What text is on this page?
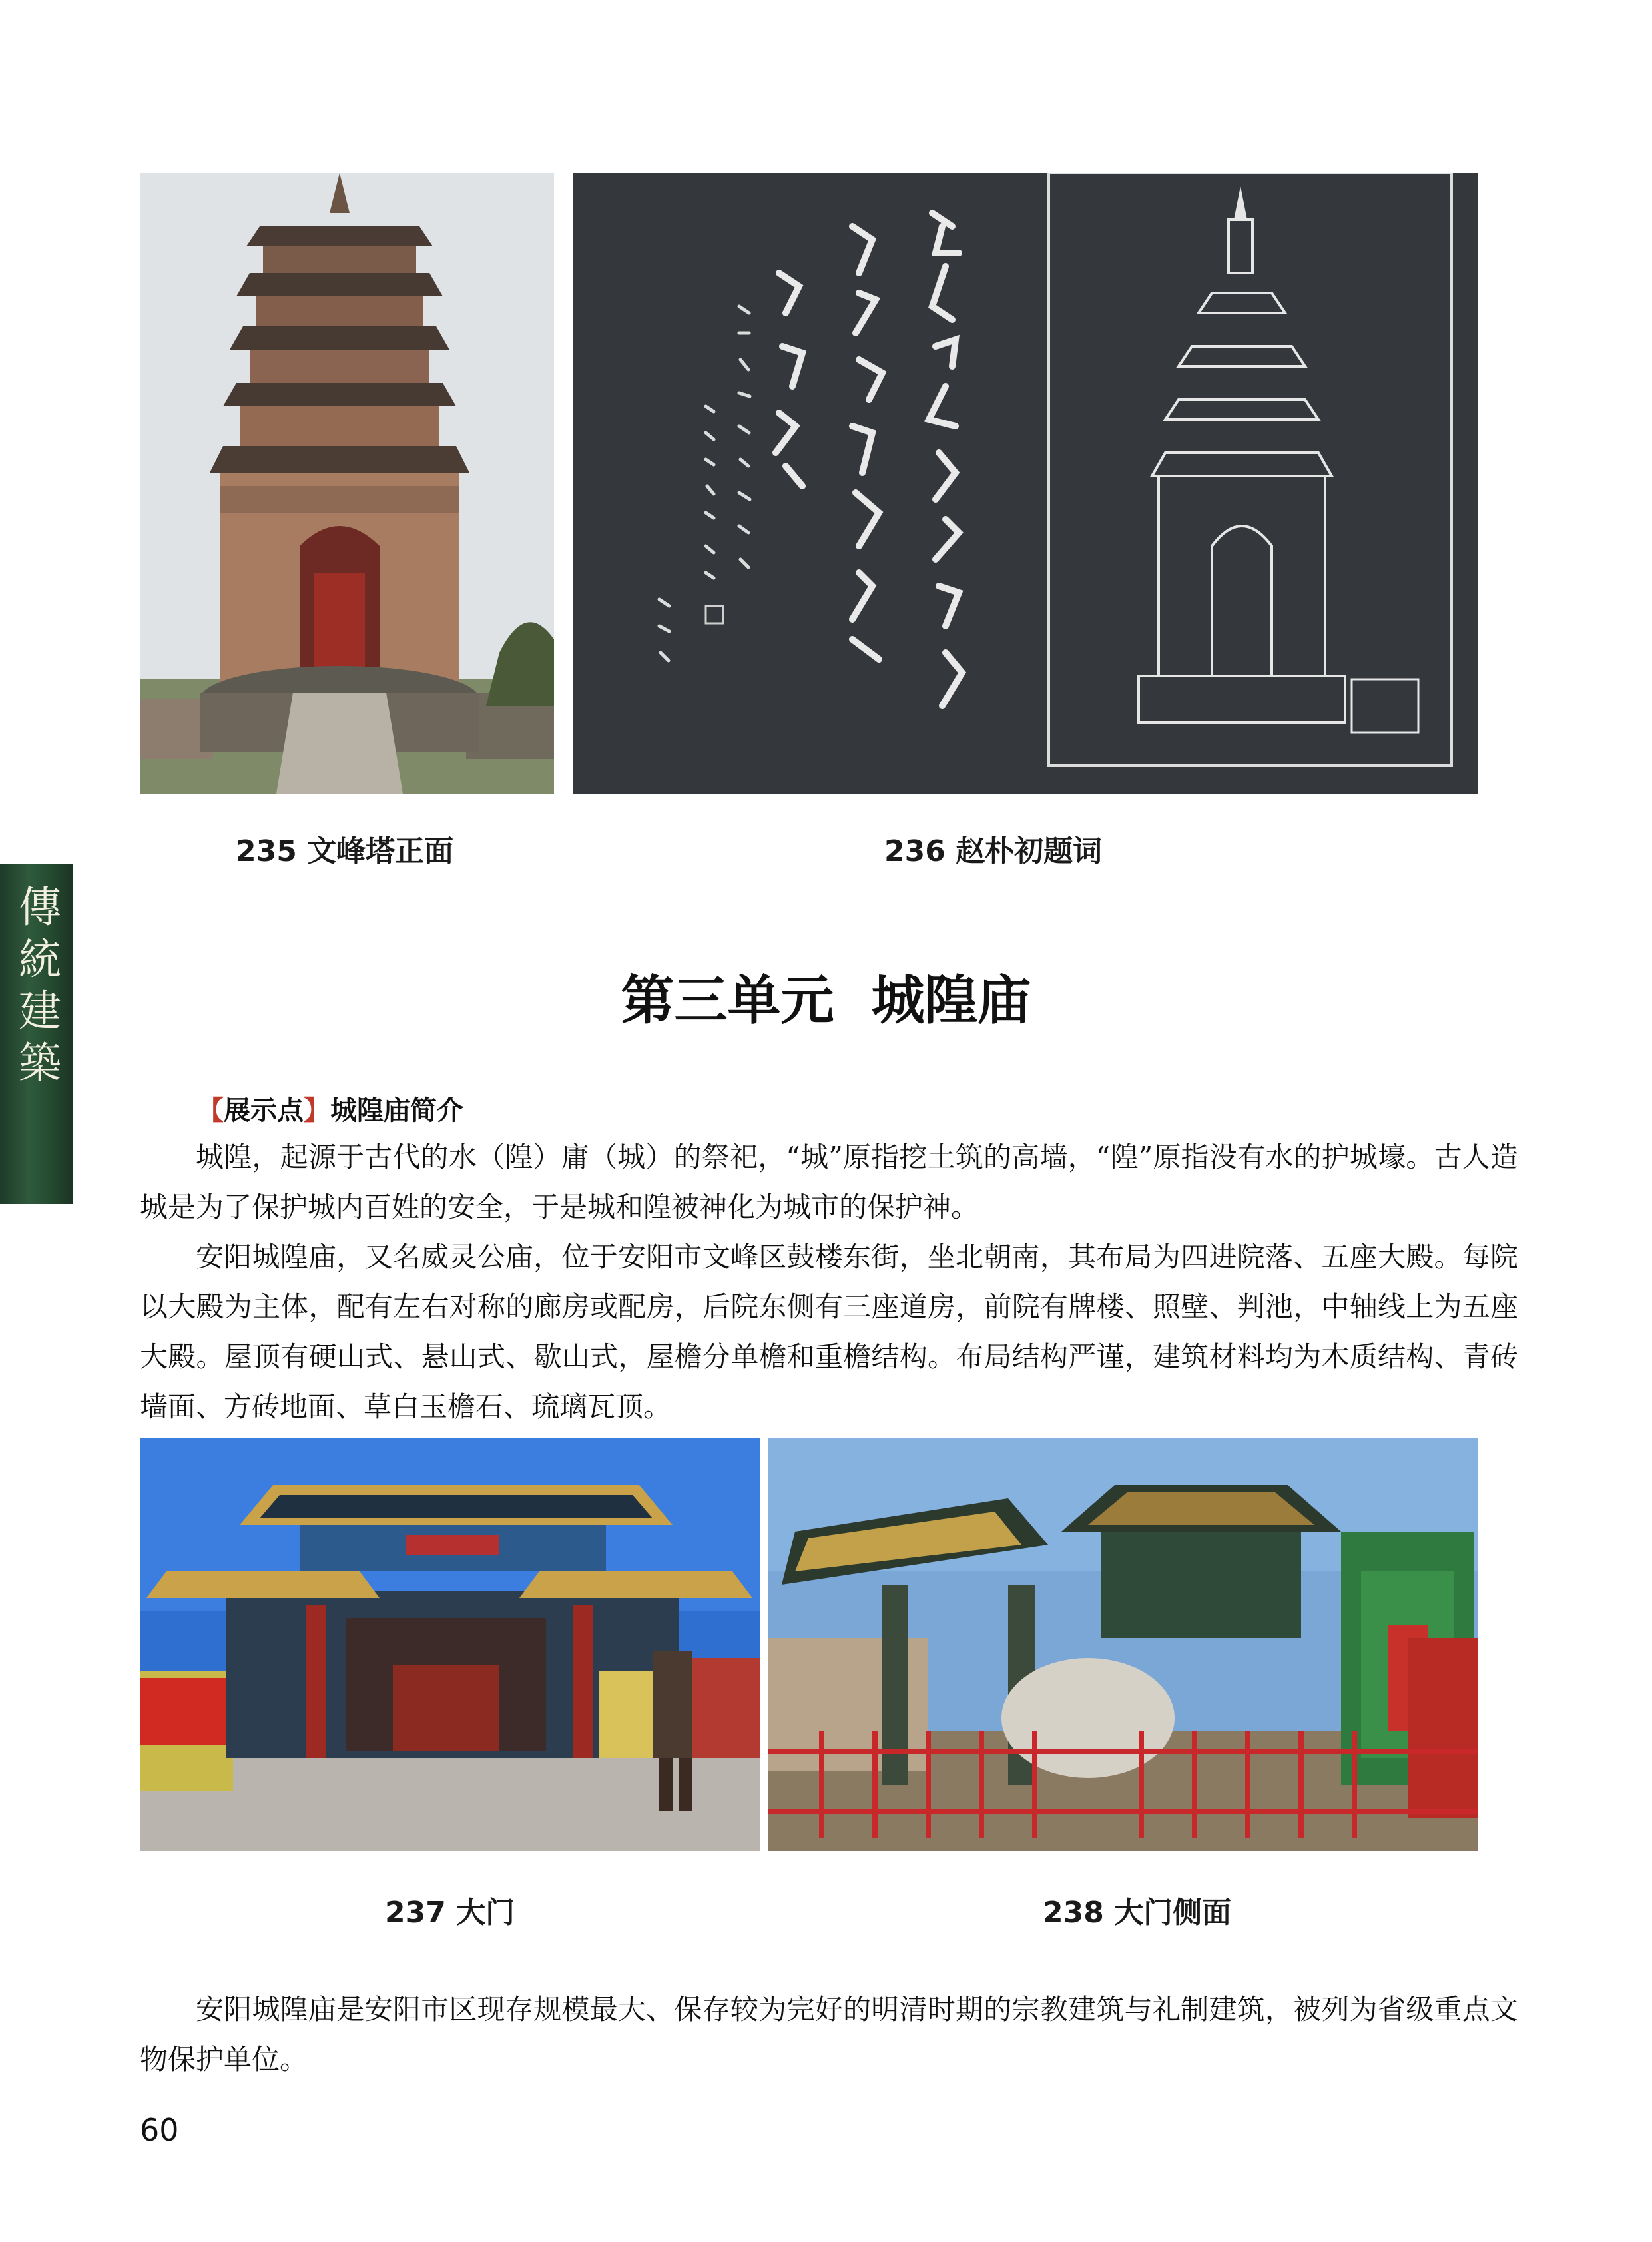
235 文峰塔正面	236 赵朴初题词
傳統建築	第三单元 城隍庙
【展示点】城隍庙简介

城隍，起源于古代的水（隍）庸（城）的祭祀，“城”原指挖土筑的高墙，“隍”原指没有水的护城壕。古人造城是为了保护城内百姓的安全，于是城和隍被神化为城市的保护神。

安阳城隍庙，又名威灵公庙，位于安阳市文峰区鼓楼东街，坐北朝南，其布局为四进院落、五座大殿。每院以大殿为主体，配有左右对称的廊房或配房，后院东侧有三座道房，前院有牌楼、照壁、判池，中轴线上为五座大殿。屋顶有硬山式、悬山式、歇山式，屋檐分单檐和重檐结构。布局结构严谨，建筑材料均为木质结构、青砖墙面、方砖地面、草白玉檐石、琉璃瓦顶。

237 大门	238 大门侧面

安阳城隍庙是安阳市区现存规模最大、保存较为完好的明清时期的宗教建筑与礼制建筑，被列为省级重点文物保护单位。

60
